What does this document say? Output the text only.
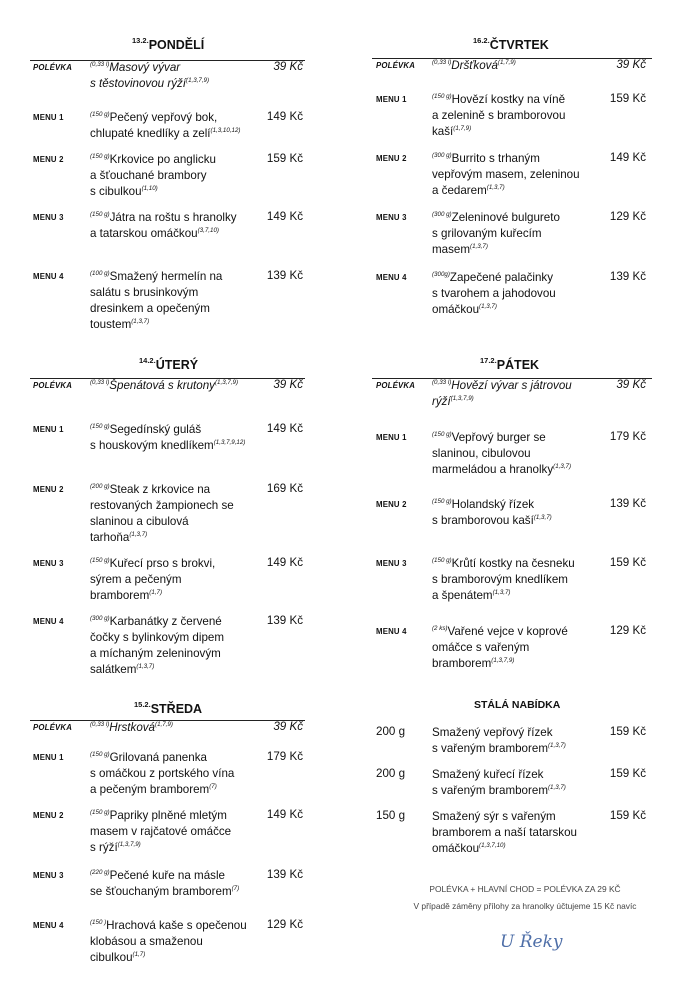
$^{13.2.}$PONDĚLÍ
POLÉVKA	$^{(0,33 l)}$Masový vývar
s těstovinovou rýží$^{(1,3,7,9)}$
39 Kč
MENU 1	$^{(150 g)}$Pečený vepřový bok,
chlupaté knedlíky a zelí$^{(1,3,10,12)}$
149 Kč
MENU 2	$^{(150 g)}$Krkovice po anglicku
a šťouchané brambory
s cibulkou$^{(1,10)}$
159 Kč
MENU 3	$^{(150 g)}$Játra na roštu s hranolky
a tatarskou omáčkou$^{(3,7,10)}$
149 Kč
MENU 4	$^{(100 g)}$Smažený hermelín na
salátu s brusinkovým
dresinkem a opečeným
toustem$^{(1,3,7)}$
139 Kč
$^{14.2.}$ÚTERÝ
POLÉVKA	$^{(0,33 l)}$Špenátová s krutony$^{(1,3,7,9)}$	39 Kč
MENU 1	$^{(150 g)}$Segedínský guláš
s houskovým knedlíkem$^{(1,3,7,9,12)}$
149 Kč
MENU 2	$^{(200 g)}$Steak z krkovice na
restovaných žampionech se
slaninou a cibulová
tarhoňa$^{(1,3,7)}$
169 Kč
MENU 3	$^{(150 g)}$Kuřecí prso s brokvi,
sýrem a pečeným
bramborem$^{(1,7)}$
149 Kč
MENU 4	$^{(300 g)}$Karbanátky z červené
čočky s bylinkovým dipem
a míchaným zeleninovým
salátkem$^{(1,3,7)}$
139 Kč
$^{15.2.}$STŘEDA
POLÉVKA	$^{(0,33 l)}$Hrstková$^{(1,7,9)}$	39 Kč
MENU 1	$^{(150 g)}$Grilovaná panenka
s omáčkou z portského vína
a pečeným bramborem$^{(7)}$
179 Kč
MENU 2	$^{(150 g)}$Papriky plněné mletým
masem v rajčatové omáčce
s rýží$^{(1,3,7,9)}$
149 Kč
MENU 3	$^{(220 g)}$Pečené kuře na másle
se šťouchaným bramborem$^{(7)}$
139 Kč
MENU 4	$^{(150 )}$Hrachová kaše s opečenou
klobásou a smaženou
cibulkou$^{(1,7)}$
129 Kč
$^{16.2.}$ČTVRTEK
POLÉVKA	$^{(0,33 l)}$Dršťková$^{(1,7,9)}$	39 Kč
MENU 1	$^{(150 g)}$Hovězí kostky na víně
a zelenině s bramborovou
kaší$^{(1,7,9)}$
159 Kč
MENU 2	$^{(300 g)}$Burrito s trhaným
vepřovým masem, zeleninou
a čedarem$^{(1,3,7)}$
149 Kč
MENU 3	$^{(300 g)}$Zeleninové bulgureto
s grilovaným kuřecím
masem$^{(1,3,7)}$
129 Kč
MENU 4	$^{(300g)}$Zapečené palačinky
s tvarohem a jahodovou
omáčkou$^{(1,3,7)}$
139 Kč
$^{17.2.}$PÁTEK
POLÉVKA	$^{(0,33 l)}$Hovězí vývar s játrovou
rýží$^{(1,3,7,9)}$
39 Kč
MENU 1	$^{(150 g)}$Vepřový burger se
slaninou, cibulovou
marmeládou a hranolky$^{(1,3,7)}$
179 Kč
MENU 2	$^{(150 g)}$Holandský řízek
s bramborovou kaší$^{(1,3,7)}$
139 Kč
MENU 3	$^{(150 g)}$Krůtí kostky na česneku
s bramborovým knedlíkem
a špenátem$^{(1,3,7)}$
159 Kč
MENU 4	$^{(2 ks)}$Vařené vejce v koprové
omáčce s vařeným
bramborem$^{(1,3,7,9)}$
129 Kč
STÁLÁ NABÍDKA
200 g Smažený vepřový řízek
s vařeným bramborem$^{(1,3,7)}$
159 Kč
200 g Smažený kuřecí řízek
s vařeným bramborem$^{(1,3,7)}$
159 Kč
150 g Smažený sýr s vařeným
bramborem a naší tatarskou
omáčkou$^{(1,3,7,10)}$
159 Kč
POLÉVKA + HLAVNÍ CHOD = POLÉVKA ZA 29 KČ
V případě záměny přílohy za hranolky účtujeme 15 Kč navíc
U Řeky
